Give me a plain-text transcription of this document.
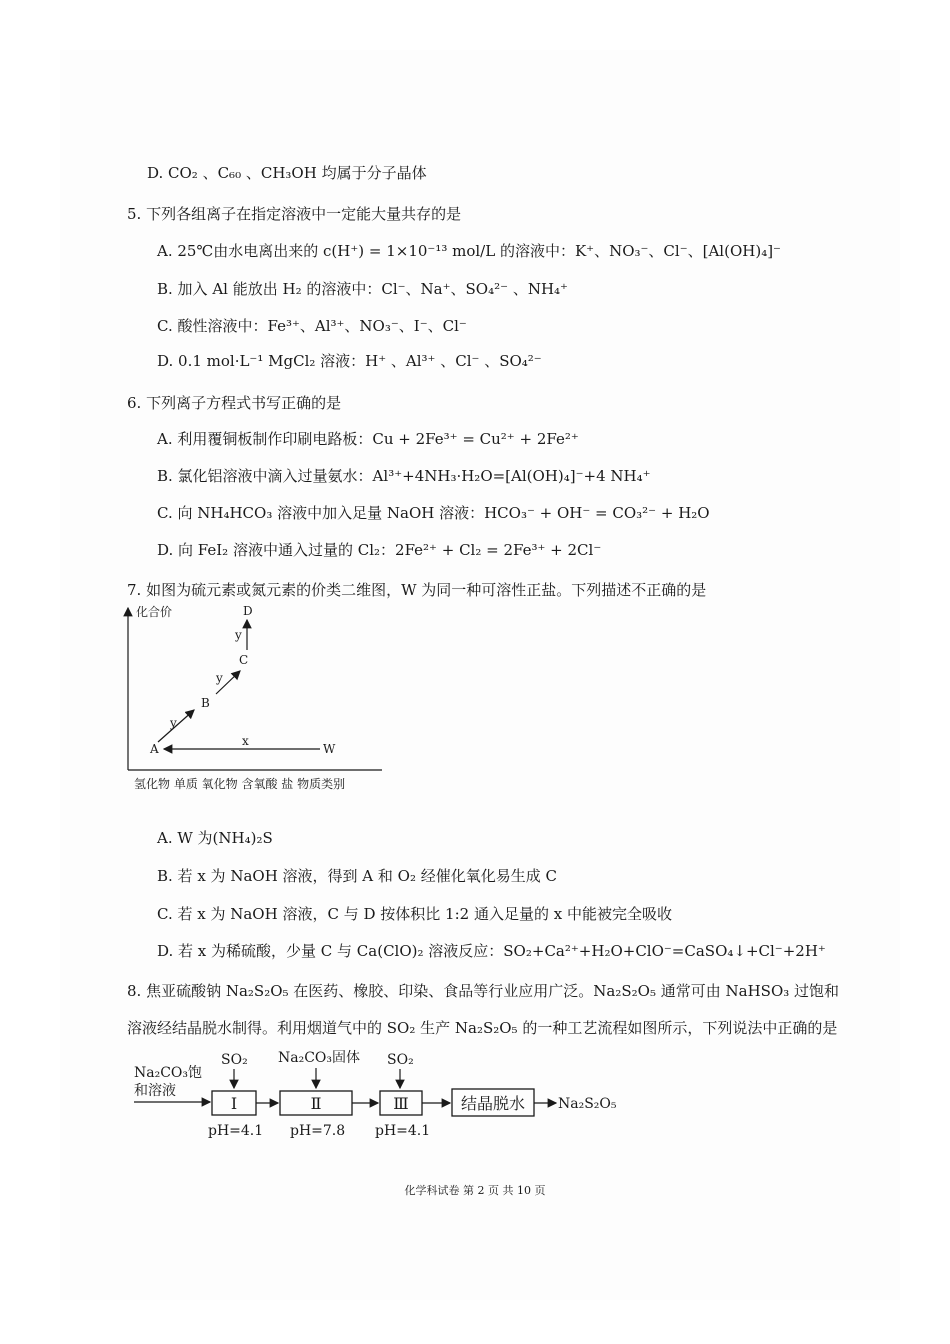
D. CO₂ 、C₆₀ 、CH₃OH 均属于分子晶体
5. 下列各组离子在指定溶液中一定能大量共存的是
A. 25℃由水电离出来的 c(H⁺) = 1×10⁻¹³ mol/L 的溶液中：K⁺、NO₃⁻、Cl⁻、[Al(OH)₄]⁻
B. 加入 Al 能放出 H₂ 的溶液中：Cl⁻、Na⁺、SO₄²⁻ 、NH₄⁺
C. 酸性溶液中：Fe³⁺、Al³⁺、NO₃⁻、I⁻、Cl⁻
D. 0.1 mol·L⁻¹ MgCl₂ 溶液：H⁺ 、Al³⁺ 、Cl⁻ 、SO₄²⁻
6. 下列离子方程式书写正确的是
A. 利用覆铜板制作印刷电路板：Cu + 2Fe³⁺ = Cu²⁺ + 2Fe²⁺
B. 氯化铝溶液中滴入过量氨水：Al³⁺+4NH₃·H₂O=[Al(OH)₄]⁻+4 NH₄⁺
C. 向 NH₄HCO₃ 溶液中加入足量 NaOH 溶液：HCO₃⁻ + OH⁻ = CO₃²⁻ + H₂O
D. 向 FeI₂ 溶液中通入过量的 Cl₂：2Fe²⁺ + Cl₂ = 2Fe³⁺ + 2Cl⁻
7. 如图为硫元素或氮元素的价类二维图，W 为同一种可溶性正盐。下列描述不正确的是
化合价
氢化物 单质 氧化物 含氧酸 盐 物质类别
A
B
C
D
W
y
y
y
x
A. W 为(NH₄)₂S
B. 若 x 为 NaOH 溶液，得到 A 和 O₂ 经催化氧化易生成 C
C. 若 x 为 NaOH 溶液，C 与 D 按体积比 1:2 通入足量的 x 中能被完全吸收
D. 若 x 为稀硫酸，少量 C 与 Ca(ClO)₂ 溶液反应：SO₂+Ca²⁺+H₂O+ClO⁻=CaSO₄↓+Cl⁻+2H⁺
8. 焦亚硫酸钠 Na₂S₂O₅ 在医药、橡胶、印染、食品等行业应用广泛。Na₂S₂O₅ 通常可由 NaHSO₃ 过饱和
溶液经结晶脱水制得。利用烟道气中的 SO₂ 生产 Na₂S₂O₅ 的一种工艺流程如图所示，下列说法中正确的是
Na₂CO₃饱
和溶液
SO₂
Ⅰ
Na₂CO₃固体
Ⅱ
SO₂
Ⅲ	结晶脱水 Na₂S₂O₅
pH=4.1 pH=7.8 pH=4.1
化学科试卷 第 2 页 共 10 页
